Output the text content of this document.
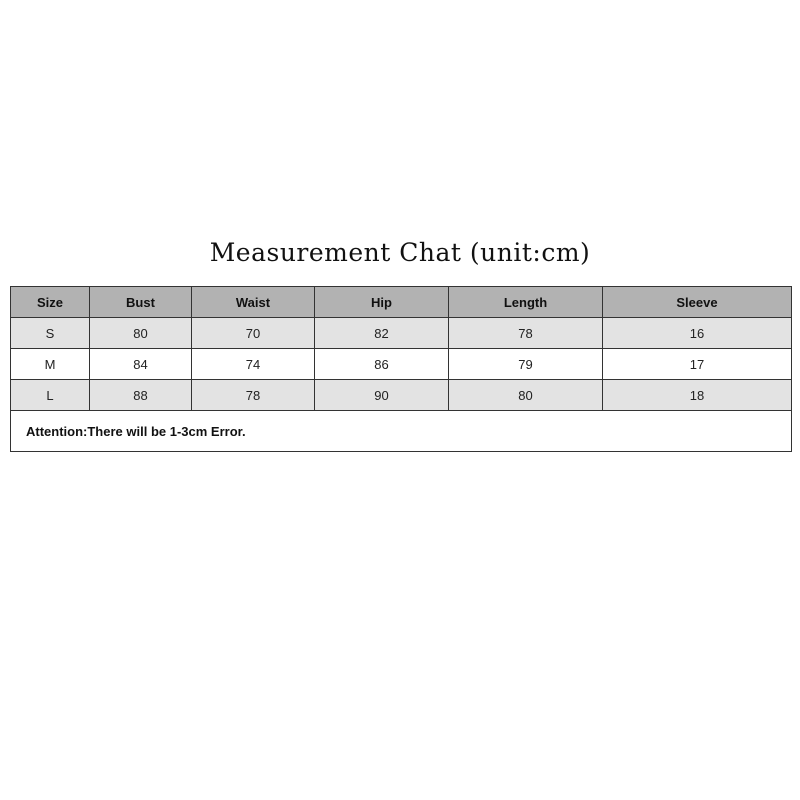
Measurement Chat (unit:cm)
Size	Bust	Waist	Hip	Length	Sleeve
S	80	70	82	78	16
M	84	74	86	79	17
L	88	78	90	80	18
Attention:There will be 1-3cm Error.					
